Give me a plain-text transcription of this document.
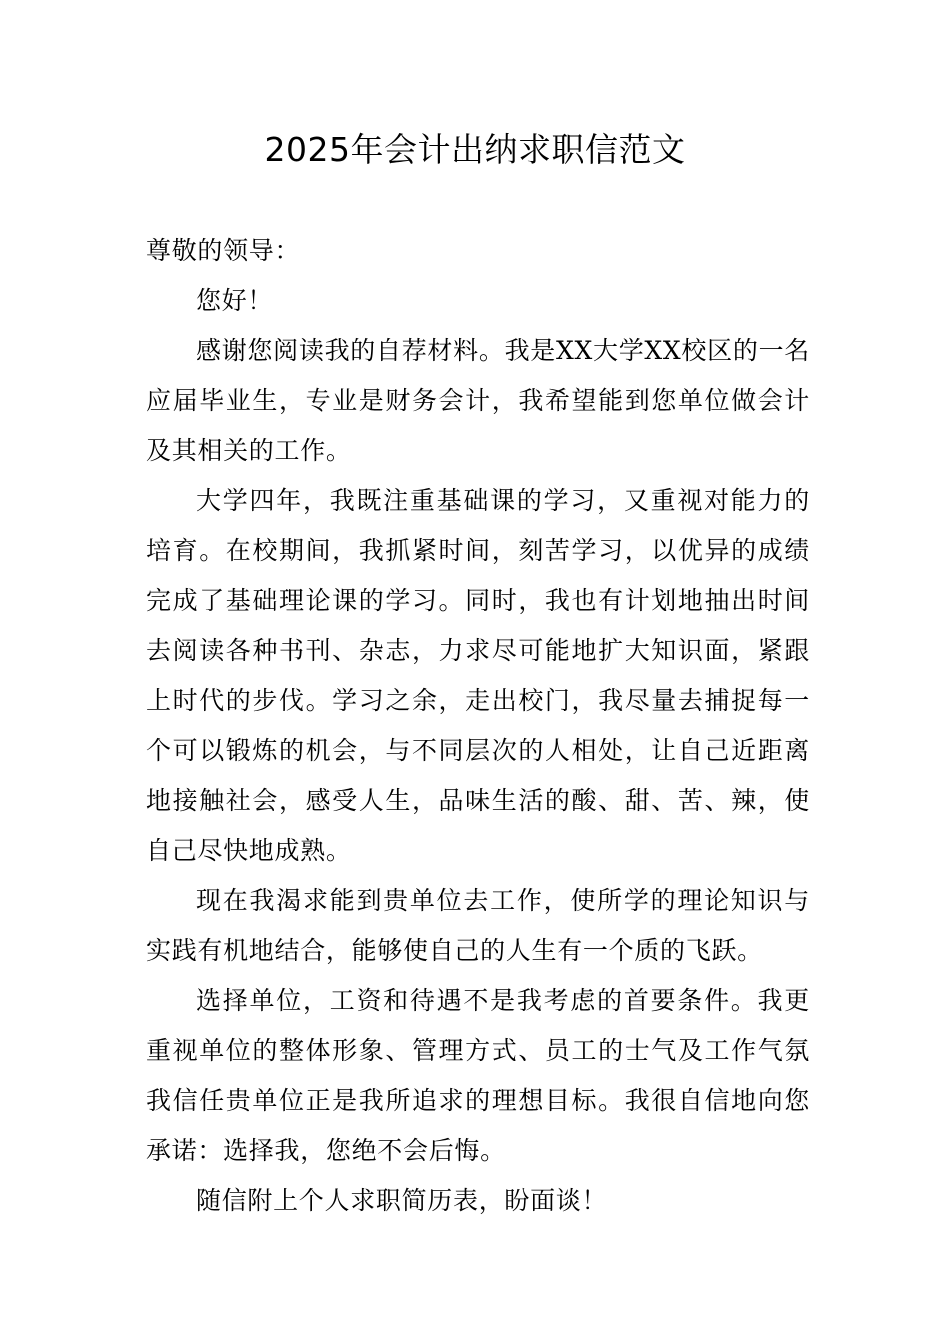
2025年会计出纳求职信范文

尊敬的领导：

您好！

感谢您阅读我的自荐材料。我是XX大学XX校区的一名应届毕业生，专业是财务会计，我希望能到您单位做会计及其相关的工作。

大学四年，我既注重基础课的学习，又重视对能力的培育。在校期间，我抓紧时间，刻苦学习，以优异的成绩完成了基础理论课的学习。同时，我也有计划地抽出时间去阅读各种书刊、杂志，力求尽可能地扩大知识面，紧跟上时代的步伐。学习之余，走出校门，我尽量去捕捉每一个可以锻炼的机会，与不同层次的人相处，让自己近距离地接触社会，感受人生，品味生活的酸、甜、苦、辣，使自己尽快地成熟。

现在我渴求能到贵单位去工作，使所学的理论知识与实践有机地结合，能够使自己的人生有一个质的飞跃。

选择单位，工资和待遇不是我考虑的首要条件。我更重视单位的整体形象、管理方式、员工的士气及工作气氛我信任贵单位正是我所追求的理想目标。我很自信地向您承诺：选择我，您绝不会后悔。

随信附上个人求职简历表，盼面谈！
